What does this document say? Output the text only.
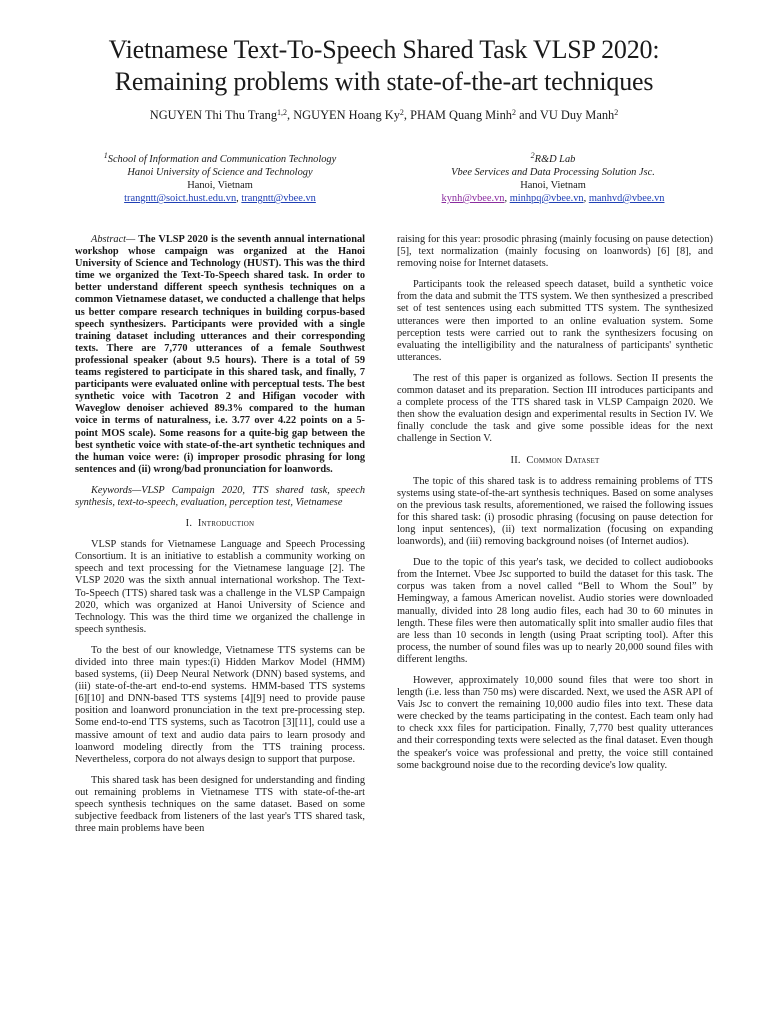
Vietnamese Text-To-Speech Shared Task VLSP 2020:
Remaining problems with state-of-the-art techniques
NGUYEN Thi Thu Trang$^{1,2}$, NGUYEN Hoang Ky$^2$, PHAM Quang Minh$^2$ and VU Duy Manh$^2$
$^1$School of Information and Communication Technology
Hanoi University of Science and Technology
Hanoi, Vietnam
trangntt@soict.hust.edu.vn, trangntt@vbee.vn
$^2$R&D Lab
Vbee Services and Data Processing Solution Jsc.
Hanoi, Vietnam
kynh@vbee.vn, minhpq@vbee.vn, manhvd@vbee.vn

Abstract— The VLSP 2020 is the seventh annual international workshop whose campaign was organized at the Hanoi University of Science and Technology (HUST). This was the third time we organized the Text-To-Speech shared task. In order to better understand different speech synthesis techniques on a common Vietnamese dataset, we conducted a challenge that helps us better compare research techniques in building corpus-based speech synthesizers. Participants were provided with a single training dataset including utterances and their corresponding texts. There are 7,770 utterances of a female Southwest professional speaker (about 9.5 hours). There is a total of 59 teams registered to participate in this shared task, and finally, 7 participants were evaluated online with perceptual tests. The best synthetic voice with Tacotron 2 and Hifigan vocoder with Waveglow denoiser achieved 89.3% compared to the human voice in terms of naturalness, i.e. 3.77 over 4.22 points on a 5-point MOS scale). Some reasons for a quite-big gap between the best synthetic voice with state-of-the-art synthetic techniques and the human voice were: (i) improper prosodic phrasing for long sentences and (ii) wrong/bad pronunciation for loanwords.

Keywords—VLSP Campaign 2020, TTS shared task, speech synthesis, text-to-speech, evaluation, perception test, Vietnamese

I. Introduction

VLSP stands for Vietnamese Language and Speech Processing Consortium. It is an initiative to establish a community working on speech and text processing for the Vietnamese language [2]. The VLSP 2020 was the sixth annual international workshop. The Text-To-Speech (TTS) shared task was a challenge in the VLSP Campaign 2020, which was organized at Hanoi University of Science and Technology. This was the third time we organized the challenge in speech synthesis.

To the best of our knowledge, Vietnamese TTS systems can be divided into three main types:(i) Hidden Markov Model (HMM) based systems, (ii) Deep Neural Network (DNN) based systems, and (iii) state-of-the-art end-to-end systems. HMM-based TTS systems [6][10] and DNN-based TTS systems [4][9] need to provide pause position and loanword pronunciation in the text pre-processing step. Some end-to-end TTS systems, such as Tacotron [3][11], could use a massive amount of text and audio data pairs to learn prosody and loanword modeling directly from the TTS training process. Nevertheless, corpora do not always design to support that purpose.

This shared task has been designed for understanding and finding out remaining problems in Vietnamese TTS with state-of-the-art speech synthesis techniques on the same dataset. Based on some subjective feedback from listeners of the last year's TTS shared task, three main problems have been

raising for this year: prosodic phrasing (mainly focusing on pause detection) [5], text normalization (mainly focusing on loanwords) [6] [8], and removing noise for Internet datasets.

Participants took the released speech dataset, build a synthetic voice from the data and submit the TTS system. We then synthesized a prescribed set of test sentences using each submitted TTS system. The synthesized utterances were then imported to an online evaluation system. Some perception tests were carried out to rank the synthesizers focusing on evaluating the intelligibility and the naturalness of participants' synthetic utterances.

The rest of this paper is organized as follows. Section II presents the common dataset and its preparation. Section III introduces participants and a complete process of the TTS shared task in VLSP Campaign 2020. We then show the evaluation design and experimental results in Section IV. We finally conclude the task and give some possible ideas for the next challenge in Section V.

II. Common Dataset

The topic of this shared task is to address remaining problems of TTS systems using state-of-the-art synthesis techniques. Based on some analyses on the previous task results, aforementioned, we raised the following issues for this shared task: (i) prosodic phrasing (focusing on pause detection for long input sentences), (ii) text normalization (focusing on expanding loanwords), and (iii) removing background noises (of Internet audios).

Due to the topic of this year's task, we decided to collect audiobooks from the Internet. Vbee Jsc supported to build the dataset for this task. The corpus was taken from a novel called “Bell to Whom the Soul” by Hemingway, a famous American novelist. Audio stories were downloaded manually, divided into 28 long audio files, each had 30 to 60 minutes in length. These files were then automatically split into smaller audio files that are less than 10 seconds in length (using Praat scripting tool). After this process, the number of sound files was up to nearly 20,000 sound files with different lengths.

However, approximately 10,000 sound files that were too short in length (i.e. less than 750 ms) were discarded. Next, we used the ASR API of Vais Jsc to convert the remaining 10,000 audio files into text. These data were checked by the teams participating in the contest. Each team only had to check xxx files for participation. Finally, 7,770 best quality utterances and their corresponding texts were selected as the final dataset. Even though the speaker's voice was professional and pretty, the voice still contained some background noise due to the recording device's low quality.
